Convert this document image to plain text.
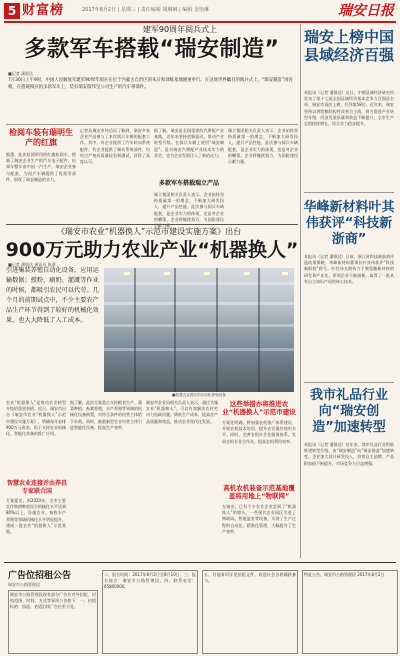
5 财富榜	2017年8月2日 | 星期三 | 责任编辑 胡琳琳 | 编辑 金艳琳	瑞安日报
建军90周年阅兵式上
多款军车搭载“瑞安制造”
■记者 潘银达
7月30日上午9时，中国人民解放军建军90周年阅兵在位于内蒙古自治区的朱日和训练基地隆重举行。在这场世界瞩目的阅兵式上，“瑞安制造”再亮相，在搭载阅兵的多款军车上，装有瑞安瑞邦宝公司生产的汽车零部件。
检阅车装有瑞明生产的红旗
据悉，此次检阅所用的红旗检阅车，搭载了瑞安企业生产的汽车电子配件。检阅车整车由中国一汽生产，瑞安企业参与配套，为国产车辆提供了优质零部件，展现了瑞安制造的实力。
记者从瑞安市经信局了解到，瑞安多家企业产品参与了本次阅兵车辆的配套工作。其中，有企业提供了汽车转向系统配件，有企业提供了制动系统部件，均经过严格的质量检验和测试，获得了高度认可。
据了解，瑞安是全国重要的汽摩配产业基地，近年来坚持创新驱动，推动产业转型升级。在阅兵车辆上使用“瑞安制造”，是对瑞安汽摩配产业技术实力的肯定，也为企业发展注入了新的动力。
多款军车搭载瑞立产品
瑞立集团相关负责人表示，企业始终坚持质量第一的理念，不断加大研发投入，提升产品性能。此次参与阅兵车辆配套，是企业实力的体现，也是对企业的鞭策，企业将继续努力，为国防建设贡献力量。
瑞立集团相关负责人表示，企业始终坚持质量第一的理念，不断加大研发投入，提升产品性能。此次参与阅兵车辆配套，是企业实力的体现，也是对企业的鞭策，企业将继续努力，为国防建设贡献力量。
瑞安上榜中国县域经济百强
本报讯（记者 潘银达）近日，中郡县域经济研究所发布了第十七届全国县域经济基本竞争力百强县名单，瑞安市再次上榜，位列第58位。近年来，瑞安坚持以供给侧结构性改革为主线，着力推进产业转型升级，经济发展质量和效益不断提升，全市生产总值持续增长，综合实力稳步提升。
华峰新材料叶其伟获评“科技新浙商”
本报讯（记者 潘银达）日前，浙江省科技新浙商评选结果揭晓，华峰新材料董事长叶其伟获评“科技新浙商”称号。叶其伟长期致力于聚氨酯新材料的研发和产业化，带领企业不断创新，取得了一批具有自主知识产权的核心技术。
我市礼品行业向“瑞安创造”加速转型
本报讯（记者 潘银达）近年来，我市礼品行业积极推进转型升级，由“瑞安制造”向“瑞安创造”加速转变。企业加大设计研发投入，培育自主品牌，产品附加值不断提升，市场竞争力日益增强。
《瑞安市农业“机器换人”示范市建设实施方案》出台
900万元助力农业产业“机器换人”
■记者 潘银达 通讯员 陈道
引进集装养殖自动化设备，应用运输数据；授粉、刷奶、灌溉等作业的时候，都吸引农民可以代劳。几个月的前期试点中，不少主要农产品生产环节得到了较好的机械化效果，也大大降低了人工成本。
■智慧农业园区的自动化养殖设备
农业“机器换人”是推动农业转型升级的重要举措。近日，瑞安市出台《瑞安市农业“机器换人”示范市建设实施方案》，明确每年安排900万元资金，用于支持农业机械化、智能化装备的推广应用。
智慧农业连接并由养昌专家联合国
方案提出，到2020年，全市主要农作物耕种收综合机械化水平达到80%以上，设施农业、畜牧水产养殖等领域机械化水平明显提升，建成一批农业“机器换人”示范基地。
据了解，此次方案重点支持粮食生产、蔬菜种植、畜禽养殖、水产养殖等领域的机械化设备购置，对符合条件的经营主体给予补助。同时，鼓励新型农业经营主体引进智能化设备，提高生产效率。
瑞安市农业局相关负责人表示，通过实施农业“机器换人”，可以有效解决农村劳动力短缺问题，降低生产成本，提高农产品质量和效益，推动农业现代化发展。
这些举措亦将推进农业“机器换人”示范市建设
方案还明确，将加强农机推广体系建设，开展农机技术培训，提升农民操作使用水平。同时，完善农机社会化服务体系，发展农机专业合作社，提高农机利用效率。
高机农机装备示范基地覆盖将用地上“物联网”
在瑞安，已有不少农业企业尝到了“机器换人”的甜头。一些现代农业园区引进了物联网、智能温室等设备，实现了生产过程的自动化、精准化管理，大幅提升了生产效率。
广告位招租公告
瑞安市公路管理段
瑞安市公路管理段现有部分广告位对外招租，招租范围、时间、方式等事项公告如下：一、招租标的：国道、省道沿线广告位若干处。
二、报名时间：2017年8月2日至8月10日。三、报名地点：瑞安市公路管理段。四、联系电话：65800000。
五、其他事项详见招租文件，欢迎社会各界踊跃参与。
特此公告。瑞安市公路管理段 2017年8月2日
